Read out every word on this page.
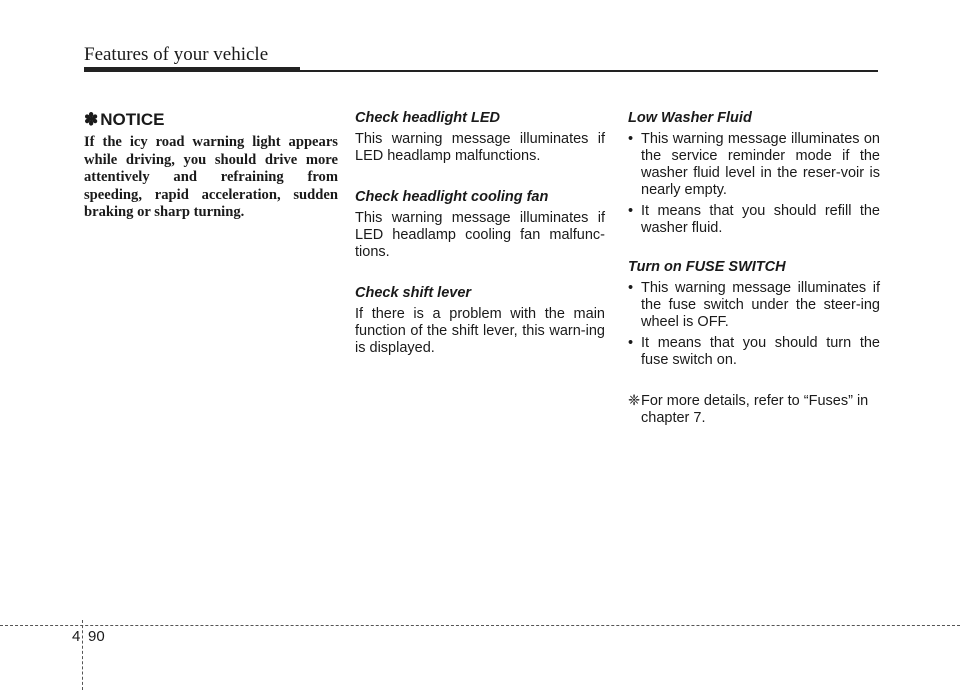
Features of your vehicle
✽ NOTICE

If the icy road warning light appears while driving, you should drive more attentively and refraining from speeding, rapid acceleration, sudden braking or sharp turning.

Check headlight LED

This warning message illuminates if LED headlamp malfunctions.

Check headlight cooling fan

This warning message illuminates if LED headlamp cooling fan malfunc-tions.

Check shift lever

If there is a problem with the main function of the shift lever, this warn-ing is displayed.

Low Washer Fluid

• This warning message illuminates on the service reminder mode if the washer fluid level in the reser-voir is nearly empty.
• It means that you should refill the washer fluid.

Turn on FUSE SWITCH

• This warning message illuminates if the fuse switch under the steer-ing wheel is OFF.
• It means that you should turn the fuse switch on.
❈ For more details, refer to “Fuses” in chapter 7.
4 90
